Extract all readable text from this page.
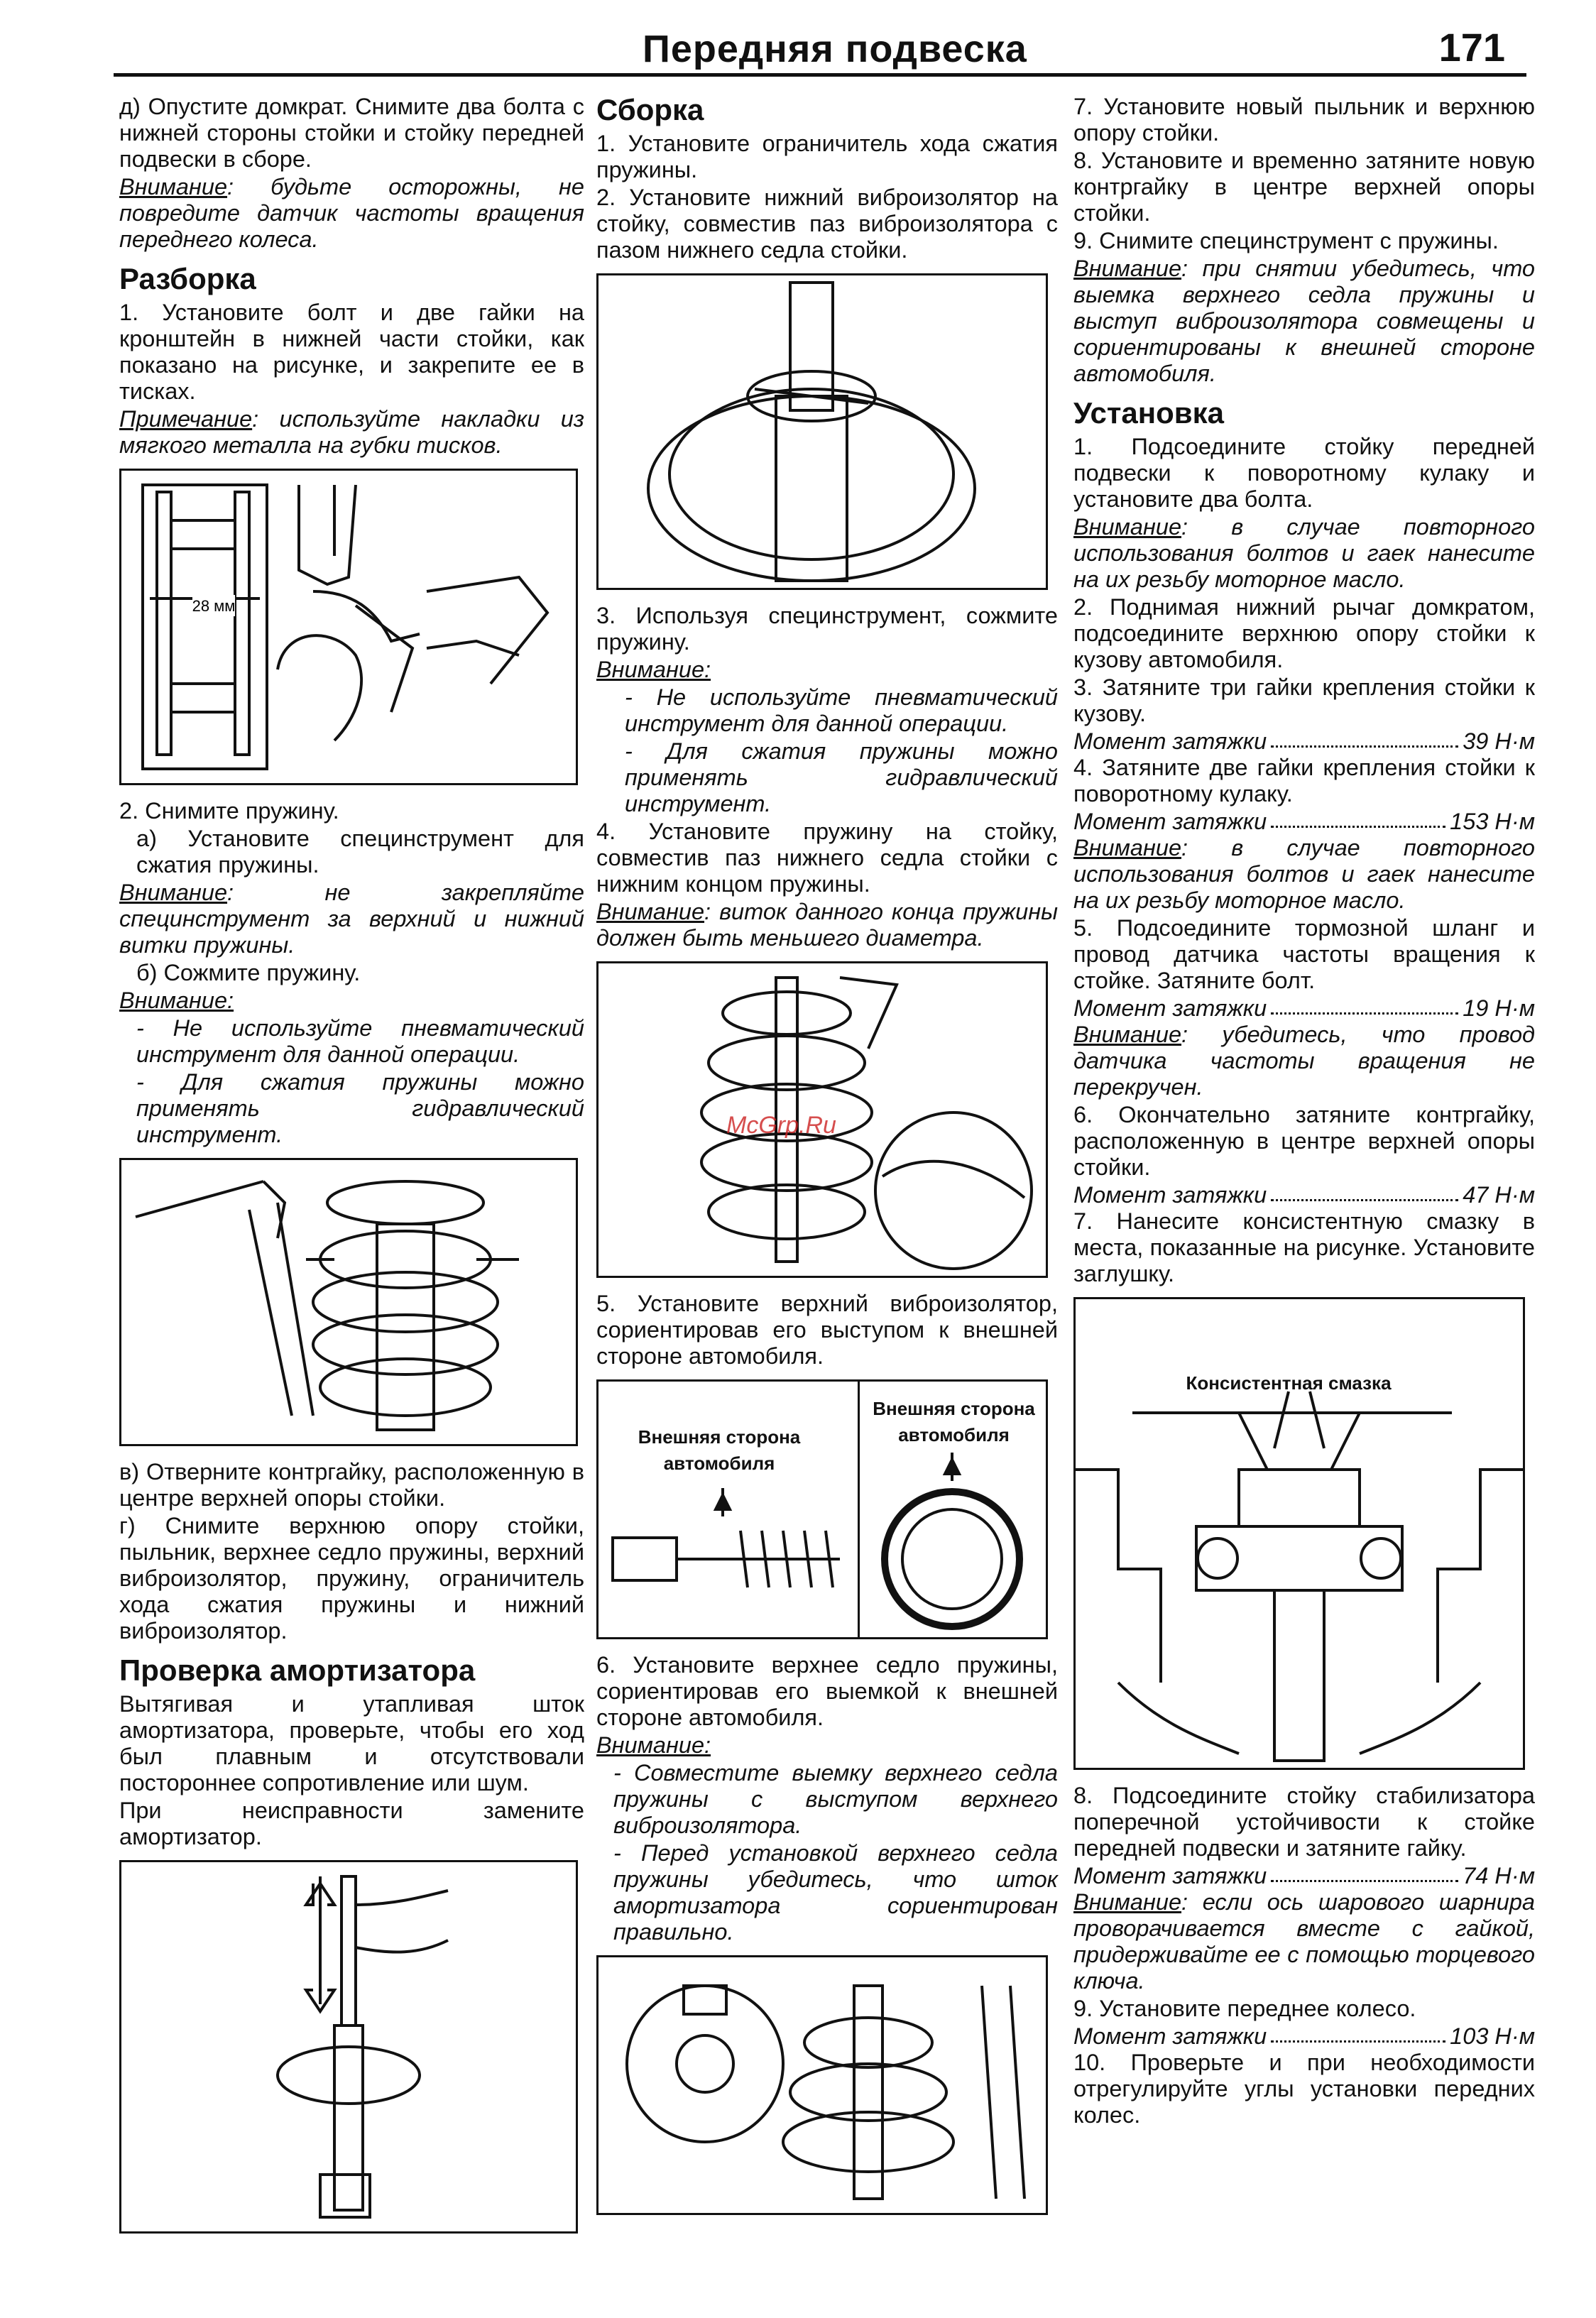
Передняя подвеска	171

д) Опустите домкрат. Снимите два болта с нижней стороны стойки и стойку передней подвески в сборе.

Внимание: будьте осторожны, не повредите датчик частоты вращения переднего колеса.

Разборка

1. Установите болт и две гайки на кронштейн в нижней части стойки, как показано на рисунке, и закрепите ее в тисках.

Примечание: используйте накладки из мягкого металла на губки тисков.

28 мм

2. Снимите пружину.

а) Установите специнструмент для сжатия пружины.

Внимание: не закрепляйте специнструмент за верхний и нижний витки пружины.

б) Сожмите пружину.

Внимание:

- Не используйте пневматический инструмент для данной операции.

- Для сжатия пружины можно применять гидравлический инструмент.

в) Отверните контргайку, расположенную в центре верхней опоры стойки.

г) Снимите верхнюю опору стойки, пыльник, верхнее седло пружины, верхний виброизолятор, пружину, ограничитель хода сжатия пружины и нижний виброизолятор.

Проверка амортизатора

Вытягивая и утапливая шток амортизатора, проверьте, чтобы его ход был плавным и отсутствовали постороннее сопротивление или шум.

При неисправности замените амортизатор.

Сборка

1. Установите ограничитель хода сжатия пружины.

2. Установите нижний виброизолятор на стойку, совместив паз виброизолятора с пазом нижнего седла стойки.

3. Используя специнструмент, сожмите пружину.

Внимание:

- Не используйте пневматический инструмент для данной операции.

- Для сжатия пружины можно применять гидравлический инструмент.

4. Установите пружину на стойку, совместив паз нижнего седла стойки с нижним концом пружины.

Внимание: виток данного конца пружины должен быть меньшего диаметра.

McGrp.Ru

5. Установите верхний виброизолятор, сориентировав его выступом к внешней стороне автомобиля.

Внешняя сторона автомобиля
Внешняя сторона автомобиля

6. Установите верхнее седло пружины, сориентировав его выемкой к внешней стороне автомобиля.

Внимание:

- Совместите выемку верхнего седла пружины с выступом верхнего виброизолятора.

- Перед установкой верхнего седла пружины убедитесь, что шток амортизатора сориентирован правильно.

7. Установите новый пыльник и верхнюю опору стойки.

8. Установите и временно затяните новую контргайку в центре верхней опоры стойки.

9. Снимите специнструмент с пружины.

Внимание: при снятии убедитесь, что выемка верхнего седла пружины и выступ виброизолятора совмещены и сориентированы к внешней стороне автомобиля.

Установка

1. Подсоедините стойку передней подвески к поворотному кулаку и установите два болта.

Внимание: в случае повторного использования болтов и гаек нанесите на их резьбу моторное масло.

2. Поднимая нижний рычаг домкратом, подсоедините верхнюю опору стойки к кузову автомобиля.

3. Затяните три гайки крепления стойки к кузову.

Момент затяжки	39 Н·м

4. Затяните две гайки крепления стойки к поворотному кулаку.

Момент затяжки	153 Н·м

Внимание: в случае повторного использования болтов и гаек нанесите на их резьбу моторное масло.

5. Подсоедините тормозной шланг и провод датчика частоты вращения к стойке. Затяните болт.

Момент затяжки	19 Н·м

Внимание: убедитесь, что провод датчика частоты вращения не перекручен.

6. Окончательно затяните контргайку, расположенную в центре верхней опоры стойки.

Момент затяжки	47 Н·м

7. Нанесите консистентную смазку в места, показанные на рисунке. Установите заглушку.

Консистентная смазка

8. Подсоедините стойку стабилизатора поперечной устойчивости к стойке передней подвески и затяните гайку.

Момент затяжки	74 Н·м

Внимание: если ось шарового шарнира проворачивается вместе с гайкой, придерживайте ее с помощью торцевого ключа.

9. Установите переднее колесо.

Момент затяжки	103 Н·м

10. Проверьте и при необходимости отрегулируйте углы установки передних колес.
